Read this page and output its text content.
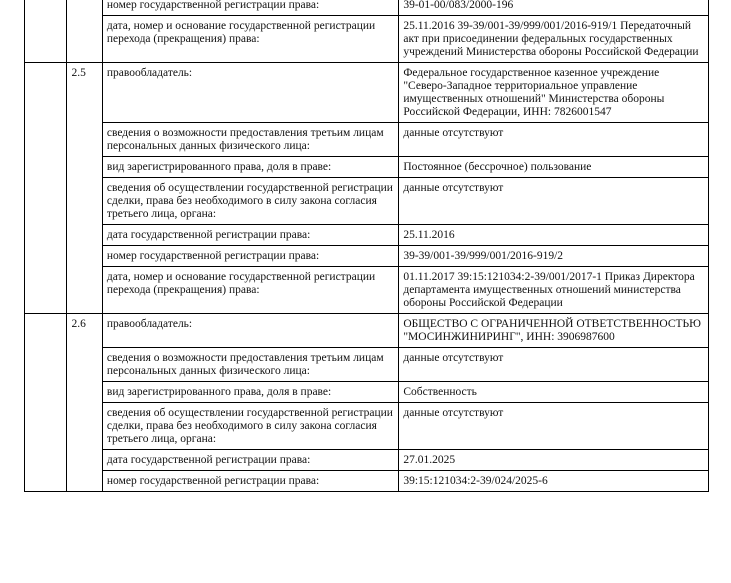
		номер государственной регистрации права:	39-01-00/083/2000-196
		дата, номер и основание государственной регистрации перехода (прекращения) права:	25.11.2016 39-39/001-39/999/001/2016-919/1 Передаточный акт при присоединении федеральных государственных учреждений Министерства обороны Российской Федерации
	2.5	правообладатель:	Федеральное государственное казенное учреждение "Северо-Западное территориальное управление имущественных отношений" Министерства обороны Российской Федерации, ИНН: 7826001547
		сведения о возможности предоставления третьим лицам персональных данных физического лица:	данные отсутствуют
		вид зарегистрированного права, доля в праве:	Постоянное (бессрочное) пользование
		сведения об осуществлении государственной регистрации сделки, права без необходимого в силу закона согласия третьего лица, органа:	данные отсутствуют
		дата государственной регистрации права:	25.11.2016
		номер государственной регистрации права:	39-39/001-39/999/001/2016-919/2
		дата, номер и основание государственной регистрации перехода (прекращения) права:	01.11.2017 39:15:121034:2-39/001/2017-1 Приказ Директора департамента имущественных отношений министерства обороны Российской Федерации
	2.6	правообладатель:	ОБЩЕСТВО С ОГРАНИЧЕННОЙ ОТВЕТСТВЕННОСТЬЮ "МОСИНЖИНИРИНГ", ИНН: 3906987600
		сведения о возможности предоставления третьим лицам персональных данных физического лица:	данные отсутствуют
		вид зарегистрированного права, доля в праве:	Собственность
		сведения об осуществлении государственной регистрации сделки, права без необходимого в силу закона согласия третьего лица, органа:	данные отсутствуют
		дата государственной регистрации права:	27.01.2025
		номер государственной регистрации права:	39:15:121034:2-39/024/2025-6
